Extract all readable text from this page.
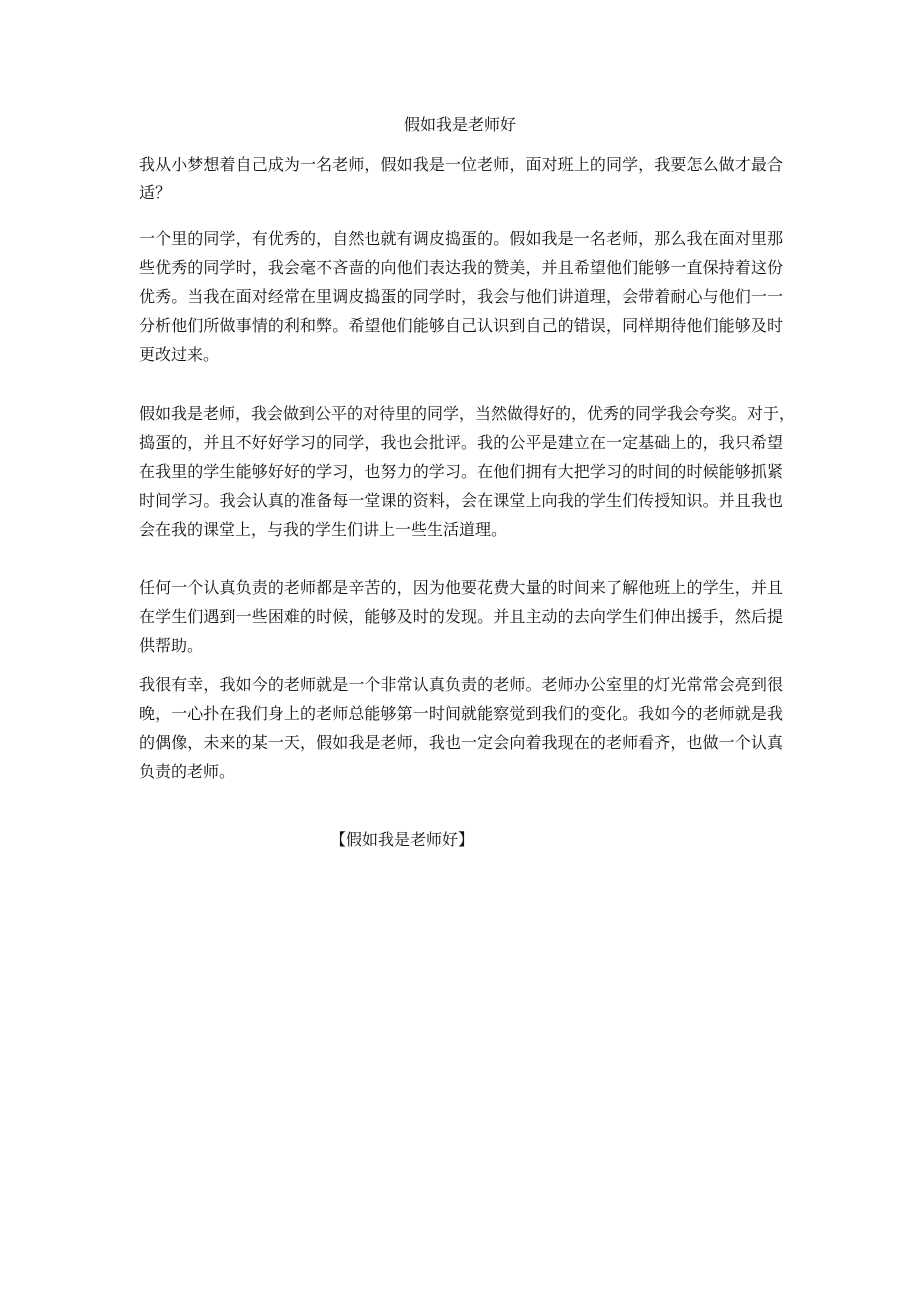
假如我是老师好
我从小梦想着自己成为一名老师，假如我是一位老师，面对班上的同学，我要怎么做才最合
适？
一个里的同学，有优秀的，自然也就有调皮捣蛋的。假如我是一名老师，那么我在面对里那
些优秀的同学时，我会毫不吝啬的向他们表达我的赞美，并且希望他们能够一直保持着这份
优秀。当我在面对经常在里调皮捣蛋的同学时，我会与他们讲道理，会带着耐心与他们一一
分析他们所做事情的利和弊。希望他们能够自己认识到自己的错误，同样期待他们能够及时
更改过来。
假如我是老师，我会做到公平的对待里的同学，当然做得好的，优秀的同学我会夸奖。对于，
捣蛋的，并且不好好学习的同学，我也会批评。我的公平是建立在一定基础上的，我只希望
在我里的学生能够好好的学习，也努力的学习。在他们拥有大把学习的时间的时候能够抓紧
时间学习。我会认真的准备每一堂课的资料，会在课堂上向我的学生们传授知识。并且我也
会在我的课堂上，与我的学生们讲上一些生活道理。
任何一个认真负责的老师都是辛苦的，因为他要花费大量的时间来了解他班上的学生，并且
在学生们遇到一些困难的时候，能够及时的发现。并且主动的去向学生们伸出援手，然后提
供帮助。
我很有幸，我如今的老师就是一个非常认真负责的老师。老师办公室里的灯光常常会亮到很
晚，一心扑在我们身上的老师总能够第一时间就能察觉到我们的变化。我如今的老师就是我
的偶像，未来的某一天，假如我是老师，我也一定会向着我现在的老师看齐，也做一个认真
负责的老师。
【假如我是老师好】
